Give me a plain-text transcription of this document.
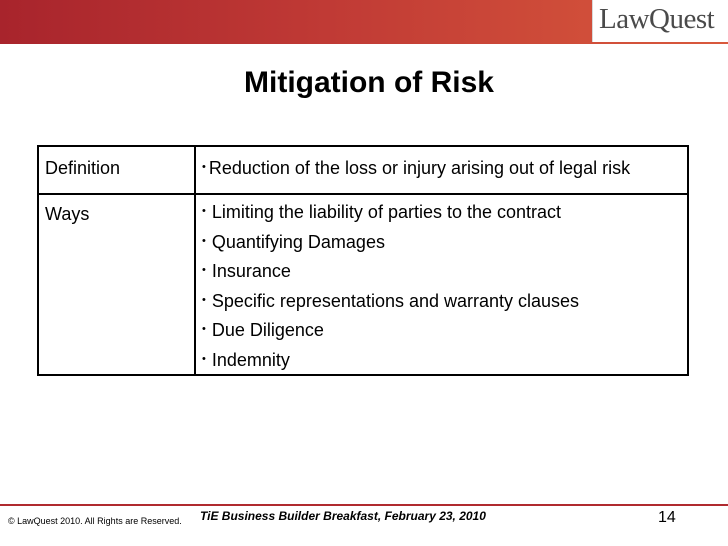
LawQuest
Mitigation of Risk
Definition	• Reduction of the loss or injury arising out of legal risk
Ways	• Limiting the liability of parties to the contract
• Quantifying Damages
• Insurance
• Specific representations and warranty clauses
• Due Diligence
• Indemnity
© LawQuest 2010. All Rights are Reserved. TiE Business Builder Breakfast, February 23, 2010	14
